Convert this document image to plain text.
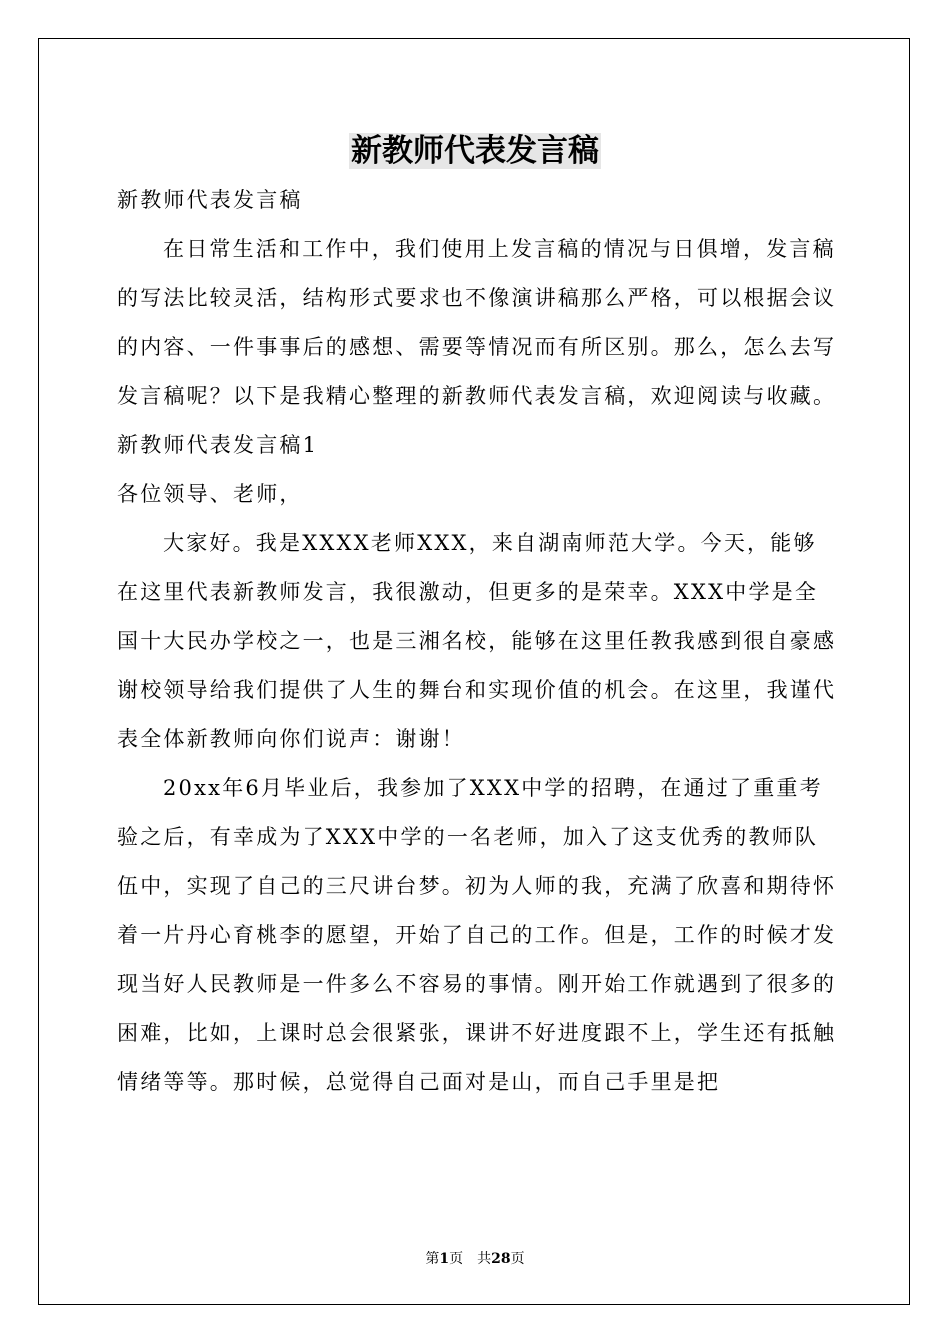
新教师代表发言稿

新教师代表发言稿

在日常生活和工作中，我们使用上发言稿的情况与日俱增，发言稿的写法比较灵活，结构形式要求也不像演讲稿那么严格，可以根据会议的内容、一件事事后的感想、需要等情况而有所区别。那么，怎么去写发言稿呢？以下是我精心整理的新教师代表发言稿，欢迎阅读与收藏。

新教师代表发言稿1

各位领导、老师，

大家好。我是XXXX老师XXX，来自湖南师范大学。今天，能够在这里代表新教师发言，我很激动，但更多的是荣幸。XXX中学是全国十大民办学校之一，也是三湘名校，能够在这里任教我感到很自豪感谢校领导给我们提供了人生的舞台和实现价值的机会。在这里，我谨代表全体新教师向你们说声：谢谢！

20xx年6月毕业后，我参加了XXX中学的招聘，在通过了重重考验之后，有幸成为了XXX中学的一名老师，加入了这支优秀的教师队伍中，实现了自己的三尺讲台梦。初为人师的我，充满了欣喜和期待怀着一片丹心育桃李的愿望，开始了自己的工作。但是，工作的时候才发现当好人民教师是一件多么不容易的事情。刚开始工作就遇到了很多的困难，比如，上课时总会很紧张，课讲不好进度跟不上，学生还有抵触情绪等等。那时候，总觉得自己面对是山，而自己手里是把

第1页　共28页
